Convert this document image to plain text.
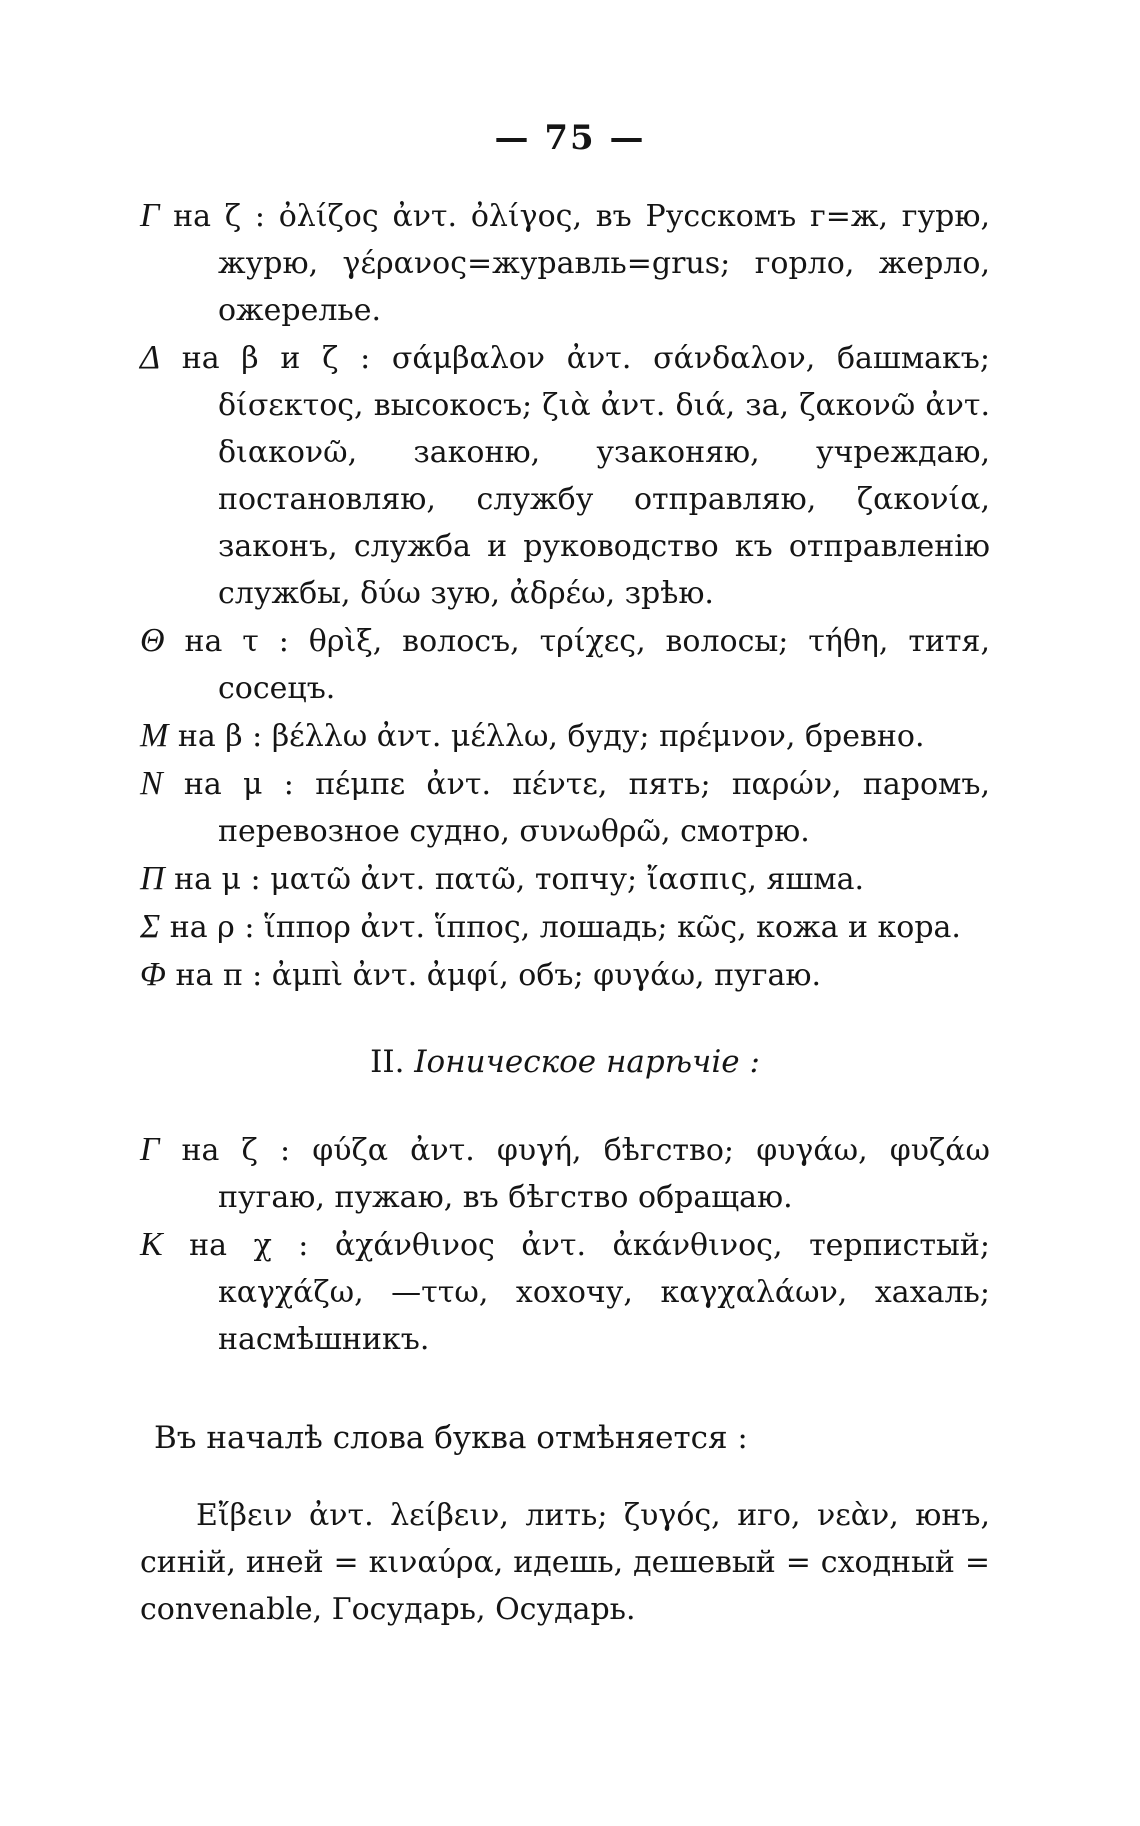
— 75 —

Г на ζ : ὀλίζος ἀντ. ὀλίγος, въ Русскомъ г=ж, гурю, журю, γέρανος=журавль=grus; горло, жерло, ожерелье.

Δ на β и ζ : σάμβαλον ἀντ. σάνδαλον, башмакъ; δίσεκτος, высокосъ; ζιὰ ἀντ. διά, за, ζακονῶ ἀντ. διακονῶ, законю, узаконяю, учреждаю, постановляю, службу отправляю, ζακονία, законъ, служба и руководство къ отправленію службы, δύω зую, ἀδρέω, зрѣю.

Θ на τ : θρὶξ, волосъ, τρίχες, волосы; τήθη, титя, сосецъ.

Μ на β : βέλλω ἀντ. μέλλω, буду; πρέμνον, бревно.

Ν на μ : πέμπε ἀντ. πέντε, пять; παρών, паромъ, перевозное судно, συνωθρῶ, смотрю.

Π на μ : ματῶ ἀντ. πατῶ, топчу; ἴασπις, яшма.

Σ на ρ : ἵππορ ἀντ. ἵππος, лошадь; κῶς, кожа и кора.

Φ на π : ἀμπὶ ἀντ. ἀμφί, объ; φυγάω, пугаю.

II. Іоническое нарѣчіе :

Г на ζ : φύζα ἀντ. φυγή, бѣгство; φυγάω, φυζάω пугаю, пужаю, въ бѣгство обращаю.

К на χ : ἀχάνθινος ἀντ. ἀκάνθινος, терпистый; καγχάζω, —ττω, хохочу, καγχαλάων, хахаль; насмѣшникъ.

Въ началѣ слова буква отмѣняется :

Εἴβειν ἀντ. λείβειν, лить; ζυγός, иго, νεὰν, юнъ, синій, иней = κιναύρα, идешь, дешевый = сходный = convenable, Государь, Осударь.
